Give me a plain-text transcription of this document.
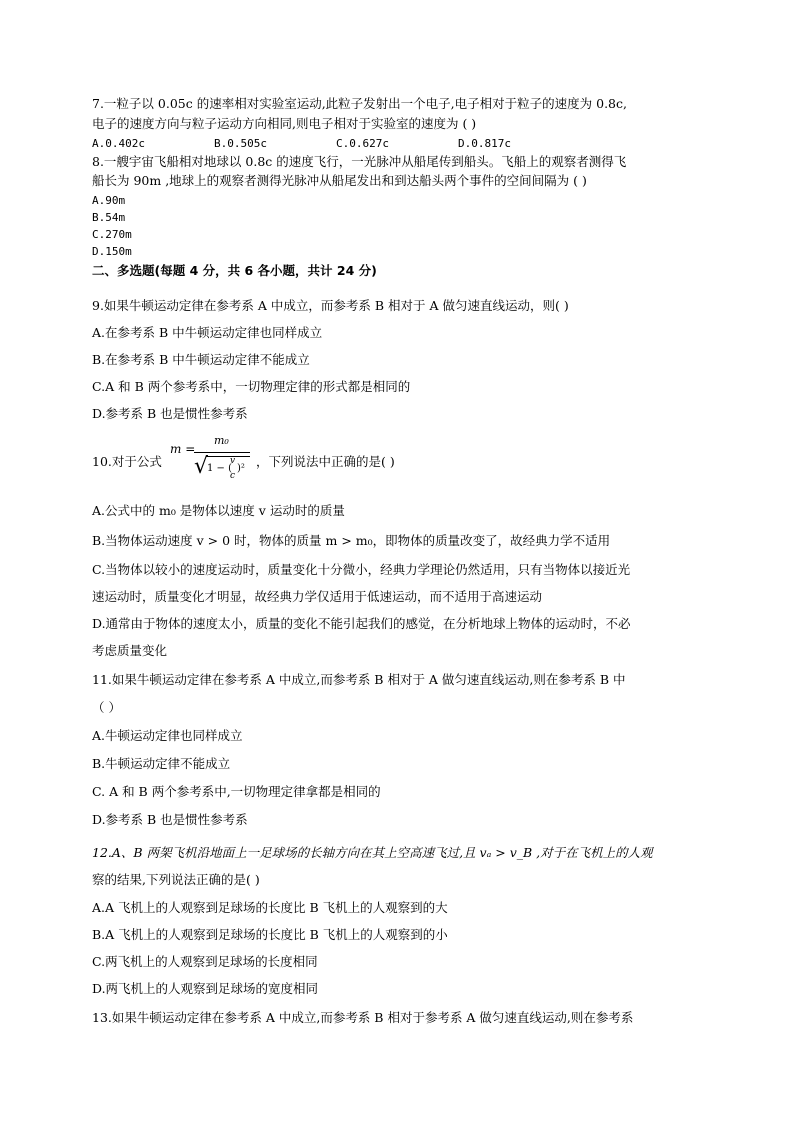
7.一粒子以 0.05c 的速率相对实验室运动,此粒子发射出一个电子,电子相对于粒子的速度为 0.8c,
电子的速度方向与粒子运动方向相同,则电子相对于实验室的速度为 ( )
A.0.402c	B.0.505c	C.0.627c	D.0.817c
8.一艘宇宙飞船相对地球以 0.8c 的速度飞行，一光脉冲从船尾传到船头。飞船上的观察者测得飞
船长为 90m ,地球上的观察者测得光脉冲从船尾发出和到达船头两个事件的空间间隔为 ( )
A.90m
B.54m
C.270m
D.150m
二、多选题(每题 4 分，共 6 各小题，共计 24 分)
9.如果牛顿运动定律在参考系 A 中成立，而参考系 B 相对于 A 做匀速直线运动，则( )
A.在参考系 B 中牛顿运动定律也同样成立
B.在参考系 B 中牛顿运动定律不能成立
C.A 和 B 两个参考系中，一切物理定律的形式都是相同的
D.参考系 B 也是惯性参考系
10.对于公式
m =
m₀
√
1 − (
v
c
)² ，下列说法中正确的是( )
A.公式中的 m₀ 是物体以速度 v 运动时的质量
B.当物体运动速度 v > 0 时，物体的质量 m > m₀，即物体的质量改变了，故经典力学不适用
C.当物体以较小的速度运动时，质量变化十分微小，经典力学理论仍然适用，只有当物体以接近光
速运动时，质量变化才明显，故经典力学仅适用于低速运动，而不适用于高速运动
D.通常由于物体的速度太小，质量的变化不能引起我们的感觉，在分析地球上物体的运动时，不必
考虑质量变化
11.如果牛顿运动定律在参考系 A 中成立,而参考系 B 相对于 A 做匀速直线运动,则在参考系 B 中
（ ）
A.牛顿运动定律也同样成立
B.牛顿运动定律不能成立
C. A 和 B 两个参考系中,一切物理定律拿都是相同的
D.参考系 B 也是惯性参考系
12.A、B 两架飞机沿地面上一足球场的长轴方向在其上空高速飞过,且 vₐ > v_B ,对于在飞机上的人观
察的结果,下列说法正确的是( )
A.A 飞机上的人观察到足球场的长度比 B 飞机上的人观察到的大
B.A 飞机上的人观察到足球场的长度比 B 飞机上的人观察到的小
C.两飞机上的人观察到足球场的长度相同
D.两飞机上的人观察到足球场的宽度相同
13.如果牛顿运动定律在参考系 A 中成立,而参考系 B 相对于参考系 A 做匀速直线运动,则在参考系
